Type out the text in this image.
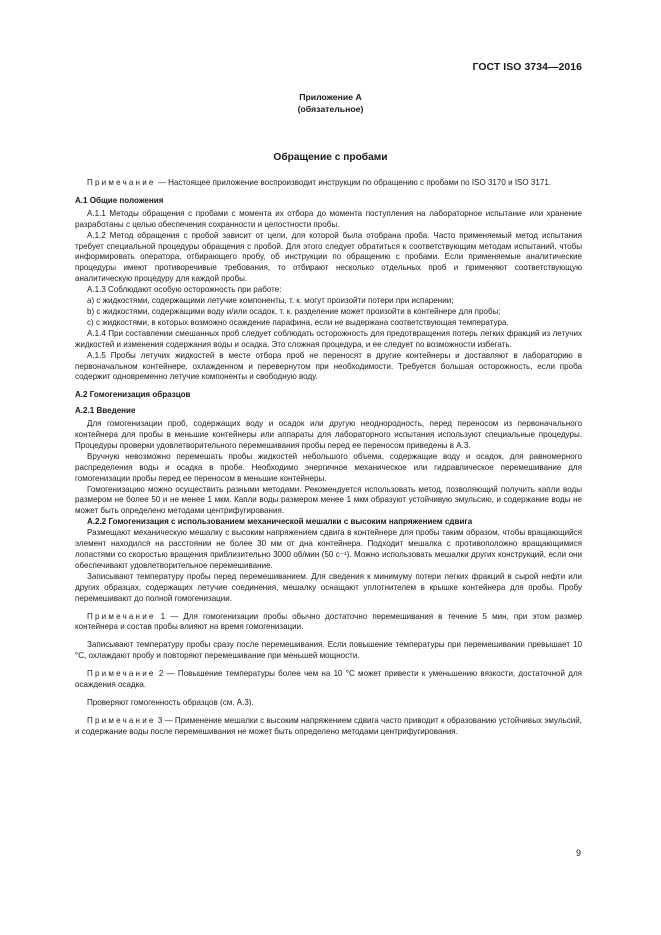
ГОСТ ISO 3734—2016
Приложение А
(обязательное)
Обращение с пробами

Примечание — Настоящее приложение воспроизводит инструкции по обращению с пробами по ISO 3170 и ISO 3171.

А.1 Общие положения

А.1.1 Методы обращения с пробами с момента их отбора до момента поступления на лабораторное испытание или хранение разработаны с целью обеспечения сохранности и целостности пробы.

А.1.2 Метод обращения с пробой зависит от цели, для которой была отобрана проба. Часто применяемый метод испытания требует специальной процедуры обращения с пробой. Для этого следует обратиться к соответствующим методам испытаний, чтобы информировать оператора, отбирающего пробу, об инструкции по обращению с пробами. Если применяемые аналитические процедуры имеют противоречивые требования, то отбирают несколько отдельных проб и применяют соответствующую аналитическую процедуру для каждой пробы.

А.1.3 Соблюдают особую осторожность при работе:

а) с жидкостями, содержащими летучие компоненты, т. к. могут произойти потери при испарении;

b) с жидкостями, содержащими воду и/или осадок, т. к. разделение может произойти в контейнере для пробы;

c) с жидкостями, в которых возможно осаждение парафина, если не выдержана соответствующая температура.

А.1.4 При составлении смешанных проб следует соблюдать осторожность для предотвращения потерь легких фракций из летучих жидкостей и изменения содержания воды и осадка. Это сложная процедура, и ее следует по возможности избегать.

А.1.5 Пробы летучих жидкостей в месте отбора проб не переносят в другие контейнеры и доставляют в лабораторию в первоначальном контейнере, охлажденном и перевернутом при необходимости. Требуется большая осторожность, если проба содержит одновременно летучие компоненты и свободную воду.

А.2 Гомогенизация образцов

А.2.1 Введение

Для гомогенизации проб, содержащих воду и осадок или другую неоднородность, перед переносом из первоначального контейнера для пробы в меньшие контейнеры или аппараты для лабораторного испытания используют специальные процедуры. Процедуры проверки удовлетворительного перемешивания пробы перед ее переносом приведены в А.3.

Вручную невозможно перемешать пробы жидкостей небольшого объема, содержащие воду и осадок, для равномерного распределения воды и осадка в пробе. Необходимо энергичное механическое или гидравлическое перемешивание для гомогенизации пробы перед ее переносом в меньшие контейнеры.

Гомогенизацию можно осуществить разными методами. Рекомендуется использовать метод, позволяющий получить капли воды размером не более 50 и не менее 1 мкм. Капли воды размером менее 1 мкм образуют устойчивую эмульсию, и содержание воды не может быть определено методами центрифугирования.

А.2.2 Гомогенизация с использованием механической мешалки с высоким напряжением сдвига

Размещают механическую мешалку с высоким напряжением сдвига в контейнере для пробы таким образом, чтобы вращающийся элемент находился на расстоянии не более 30 мм от дна контейнера. Подходит мешалка с противоположно вращающимися лопастями со скоростью вращения приблизительно 3000 об/мин (50 с⁻¹). Можно использовать мешалки других конструкций, если они обеспечивают удовлетворительное перемешивание.

Записывают температуру пробы перед перемешиванием. Для сведения к минимуму потери легких фракций в сырой нефти или других образцах, содержащих летучие соединения, мешалку оснащают уплотнителем в крышке контейнера для пробы. Пробу перемешивают до полной гомогенизации.

Примечание 1 — Для гомогенизации пробы обычно достаточно перемешивания в течение 5 мин, при этом размер контейнера и состав пробы влияют на время гомогенизации.

Записывают температуру пробы сразу после перемешивания. Если повышение температуры при перемешивании превышает 10 °С, охлаждают пробу и повторяют перемешивание при меньшей мощности.

Примечание 2 — Повышение температуры более чем на 10 °С может привести к уменьшению вязкости, достаточной для осаждения осадка.

Проверяют гомогенность образцов (см. А.3).

Примечание 3 — Применение мешалки с высоким напряжением сдвига часто приводит к образованию устойчивых эмульсий, и содержание воды после перемешивания не может быть определено методами центрифугирования.

9
